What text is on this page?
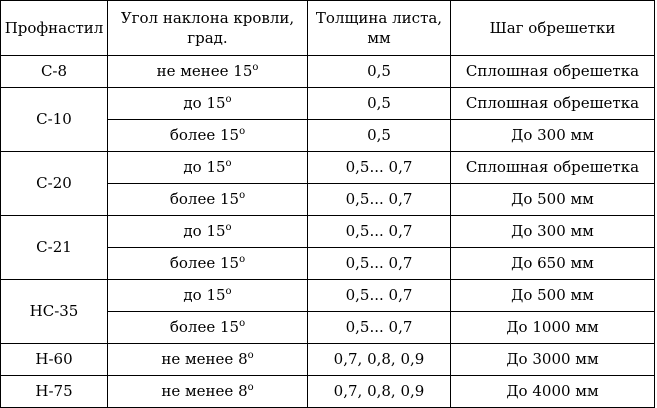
Профнастил	Угол наклона кровли, град.	Толщина листа, мм	Шаг обрешетки
С-8	не менее 15$^o$	0,5	Сплошная обрешетка
С-10	до 15$^o$	0,5	Сплошная обрешетка
	более 15$^o$	0,5	До 300 мм
С-20	до 15$^o$	0,5... 0,7	Сплошная обрешетка
	более 15$^o$	0,5... 0,7	До 500 мм
С-21	до 15$^o$	0,5... 0,7	До 300 мм
	более 15$^o$	0,5... 0,7	До 650 мм
НС-35	до 15$^o$	0,5... 0,7	До 500 мм
	более 15$^o$	0,5... 0,7	До 1000 мм
Н-60	не менее 8$^o$	0,7, 0,8, 0,9	До 3000 мм
Н-75	не менее 8$^o$	0,7, 0,8, 0,9	До 4000 мм
